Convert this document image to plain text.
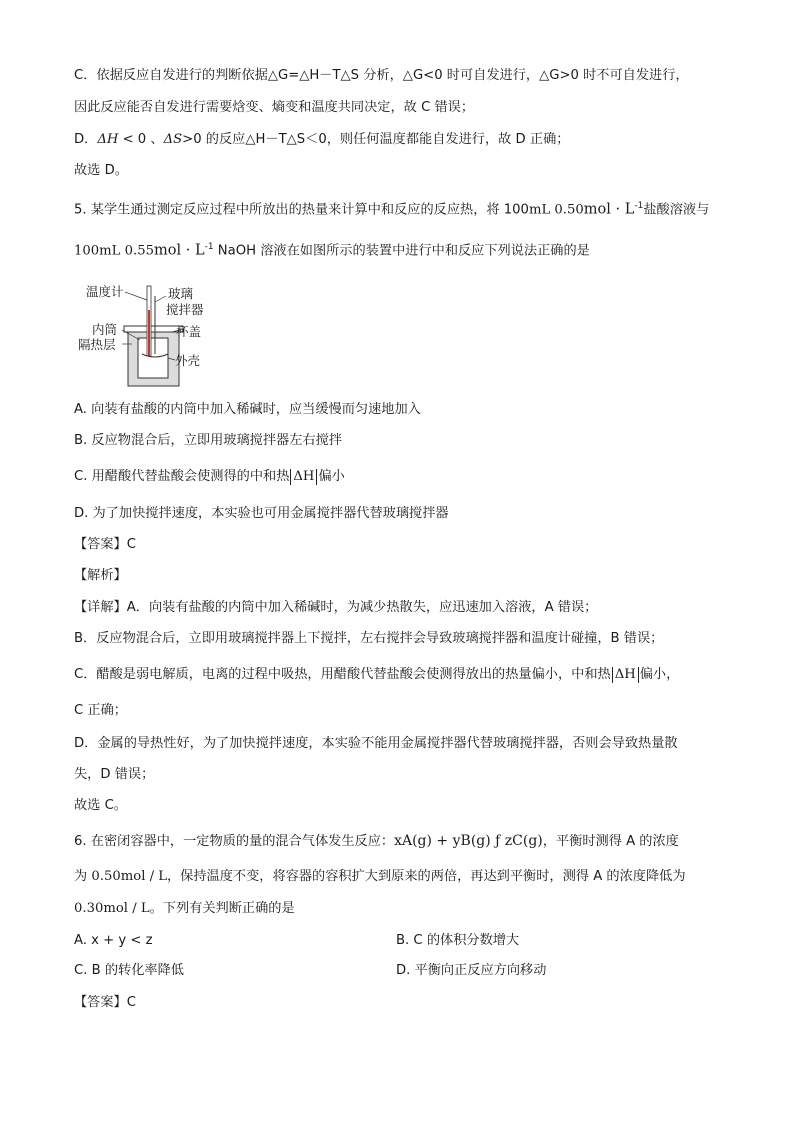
C．依据反应自发进行的判断依据△G=△H－T△S 分析，△G<0 时可自发进行，△G>0 时不可自发进行，
因此反应能否自发进行需要焓变、熵变和温度共同决定，故 C 错误；
D．ΔH < 0 、ΔS>0 的反应△H－T△S＜0，则任何温度都能自发进行，故 D 正确；
故选 D。
5. 某学生通过测定反应过程中所放出的热量来计算中和反应的反应热，将 100mL $0.50mol \cdot L^{-1}$盐酸溶液与
100mL $0.55mol \cdot L^{-1}$ NaOH 溶液在如图所示的装置中进行中和反应下列说法正确的是
温度计	玻璃
搅拌器
内筒	杯盖
隔热层
外壳
A. 向装有盐酸的内筒中加入稀碱时，应当缓慢而匀速地加入
B. 反应物混合后，立即用玻璃搅拌器左右搅拌
C. 用醋酸代替盐酸会使测得的中和热 ΔH 偏小
D. 为了加快搅拌速度，本实验也可用金属搅拌器代替玻璃搅拌器
【答案】C
【解析】
【详解】A．向装有盐酸的内筒中加入稀碱时，为减少热散失，应迅速加入溶液，A 错误；
B．反应物混合后，立即用玻璃搅拌器上下搅拌，左右搅拌会导致玻璃搅拌器和温度计碰撞，B 错误；
C．醋酸是弱电解质，电离的过程中吸热，用醋酸代替盐酸会使测得放出的热量偏小，中和热 ΔH 偏小，
C 正确；
D．金属的导热性好，为了加快搅拌速度，本实验不能用金属搅拌器代替玻璃搅拌器，否则会导致热量散
失，D 错误；
故选 C。
6. 在密闭容器中，一定物质的量的混合气体发生反应：xA(g) + yB(g) ƒ zC(g)，平衡时测得 A 的浓度
为 0.50mol / L，保持温度不变，将容器的容积扩大到原来的两倍，再达到平衡时，测得 A 的浓度降低为
0.30mol / L。下列有关判断正确的是
A. x + y < z	B. C 的体积分数增大
C. B 的转化率降低	D. 平衡向正反应方向移动
【答案】C
